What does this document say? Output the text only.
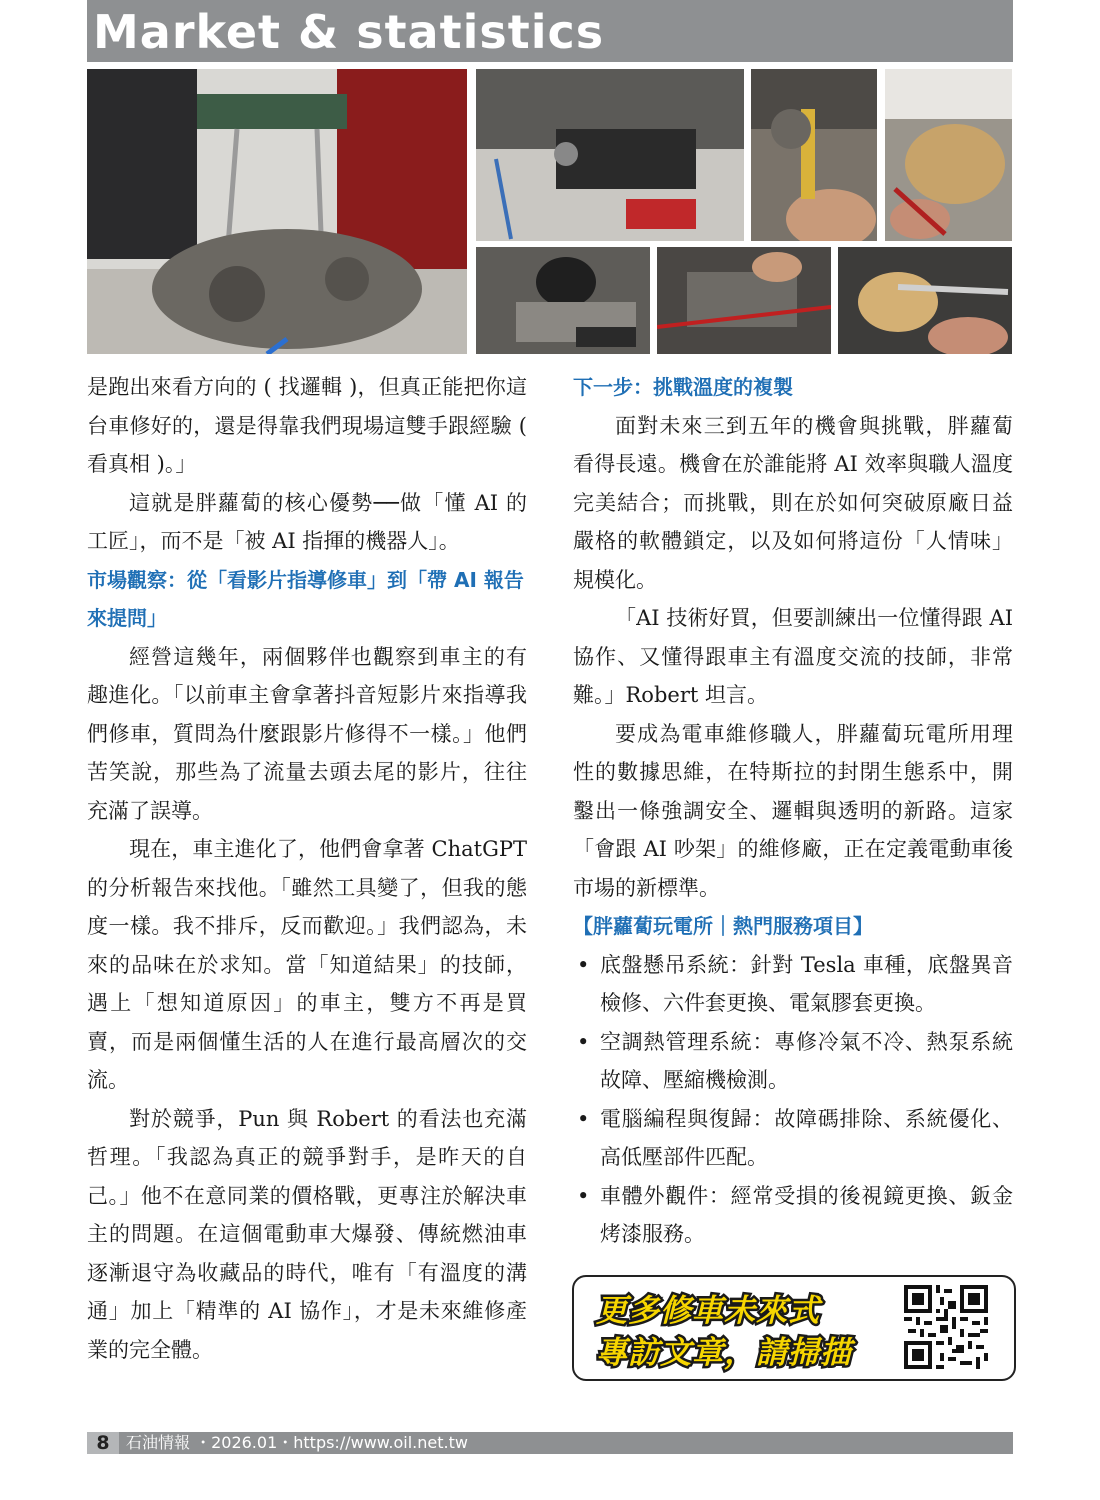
Market & statistics

是跑出來看方向的 ( 找邏輯 )，但真正能把你這台車修好的，還是得靠我們現場這雙手跟經驗 ( 看真相 )。」

這就是胖蘿蔔的核心優勢──做「懂 AI 的工匠」，而不是「被 AI 指揮的機器人」。

市場觀察：從「看影片指導修車」到「帶 AI 報告來提問」

經營這幾年，兩個夥伴也觀察到車主的有趣進化。「以前車主會拿著抖音短影片來指導我們修車，質問為什麼跟影片修得不一樣。」他們苦笑說，那些為了流量去頭去尾的影片，往往充滿了誤導。

現在，車主進化了，他們會拿著 ChatGPT 的分析報告來找他。「雖然工具變了，但我的態度一樣。我不排斥，反而歡迎。」我們認為，未來的品味在於求知。當「知道結果」的技師，遇上「想知道原因」的車主，雙方不再是買賣，而是兩個懂生活的人在進行最高層次的交流。

對於競爭，Pun 與 Robert 的看法也充滿哲理。「我認為真正的競爭對手，是昨天的自己。」他不在意同業的價格戰，更專注於解決車主的問題。在這個電動車大爆發、傳統燃油車逐漸退守為收藏品的時代，唯有「有溫度的溝通」加上「精準的 AI 協作」，才是未來維修產業的完全體。

下一步：挑戰溫度的複製

面對未來三到五年的機會與挑戰，胖蘿蔔看得長遠。機會在於誰能將 AI 效率與職人溫度完美結合；而挑戰，則在於如何突破原廠日益嚴格的軟體鎖定，以及如何將這份「人情味」規模化。

「AI 技術好買，但要訓練出一位懂得跟 AI 協作、又懂得跟車主有溫度交流的技師，非常難。」Robert 坦言。

要成為電車維修職人，胖蘿蔔玩電所用理性的數據思維，在特斯拉的封閉生態系中，開鑿出一條強調安全、邏輯與透明的新路。這家「會跟 AI 吵架」的維修廠，正在定義電動車後市場的新標準。

【胖蘿蔔玩電所｜熱門服務項目】
• 底盤懸吊系統：針對 Tesla 車種，底盤異音檢修、六件套更換、電氣膠套更換。

• 空調熱管理系統：專修冷氣不冷、熱泵系統故障、壓縮機檢測。

• 電腦編程與復歸：故障碼排除、系統優化、高低壓部件匹配。

• 車體外觀件：經常受損的後視鏡更換、鈑金烤漆服務。

更多修車未來式
專訪文章，請掃描
8	石油情報 ・2026.01・https://www.oil.net.tw
